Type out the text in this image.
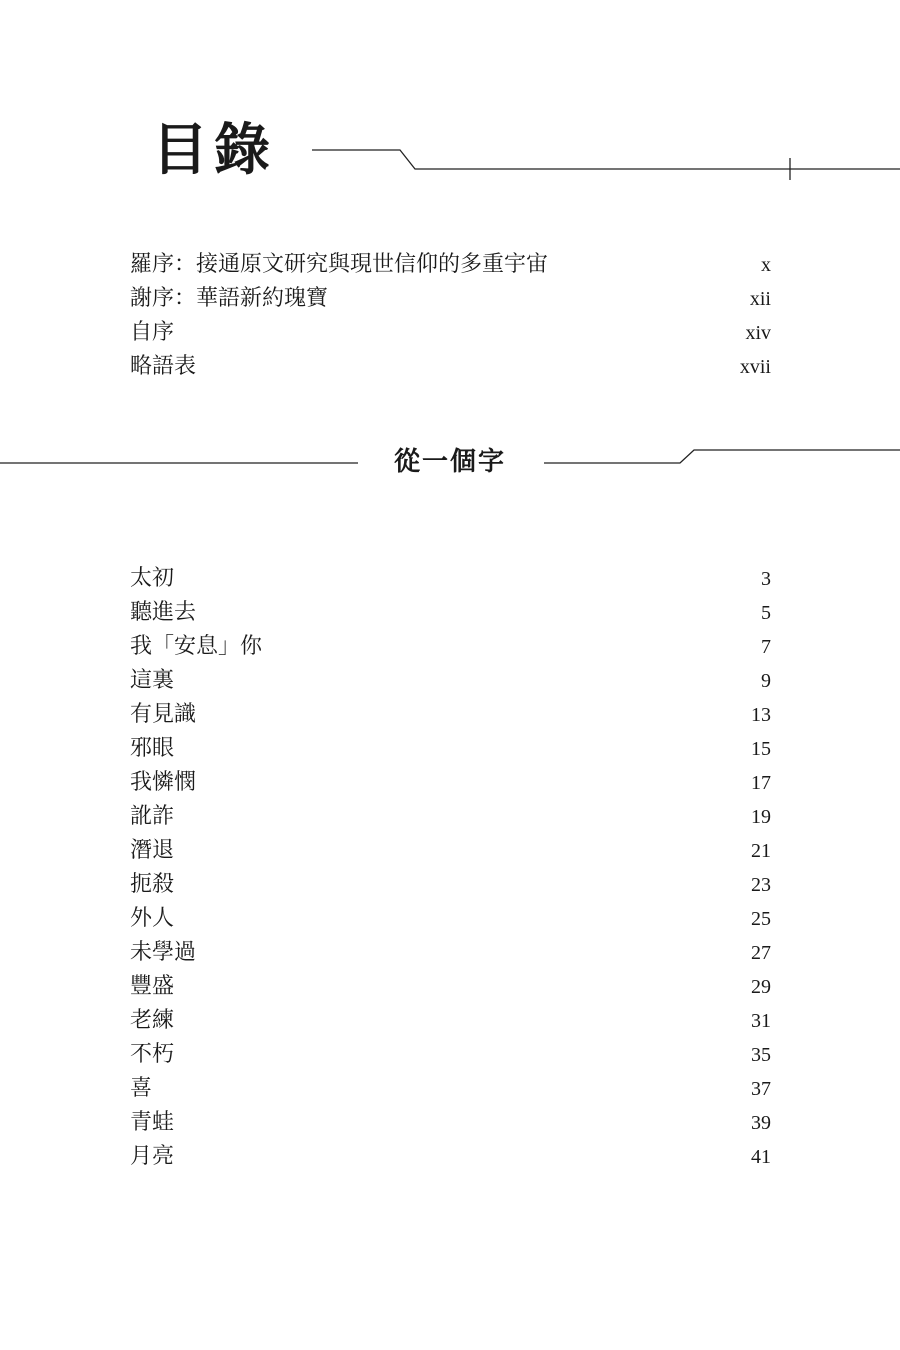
目錄
羅序：接通原文研究與現世信仰的多重宇宙	x
謝序：華語新約瑰寶	xii
自序	xiv
略語表	xvii
從一個字
太初	3
聽進去	5
我「安息」你	7
這裏	9
有見識	13
邪眼	15
我憐憫	17
訛詐	19
潛退	21
扼殺	23
外人	25
未學過	27
豐盛	29
老練	31
不朽	35
喜	37
青蛙	39
月亮	41
